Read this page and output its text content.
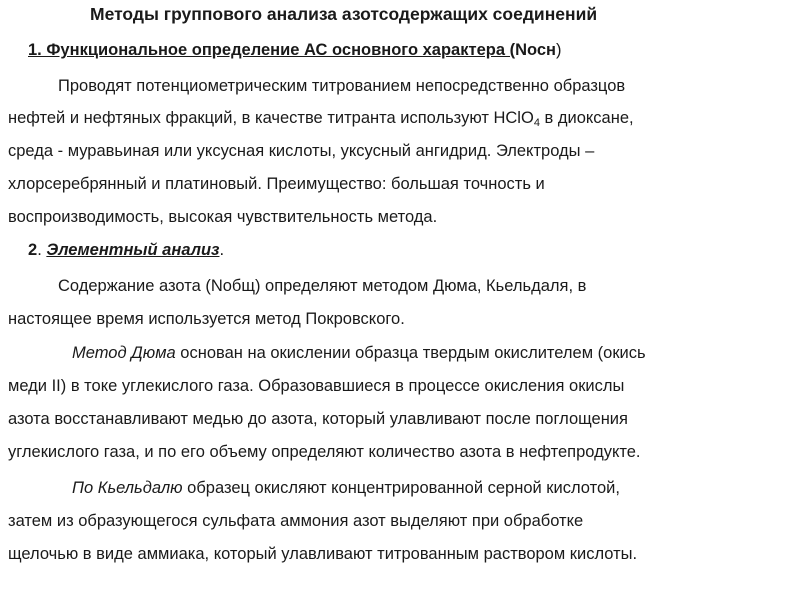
Методы группового анализа азотсодержащих соединений
1. Функциональное определение АС основного характера (Nосн)
Проводят потенциометрическим титрованием непосредственно образцов
нефтей и нефтяных фракций, в качестве титранта используют HClO$_4$ в диоксане,
среда - муравьиная или уксусная кислоты, уксусный ангидрид. Электроды –
хлорсеребрянный и платиновый. Преимущество: большая точность и
воспроизводимость, высокая чувствительность метода.
2. Элементный анализ.
Содержание азота (Nобщ) определяют методом Дюма, Кьельдаля, в
настоящее время используется метод Покровского.
Метод Дюма основан на окислении образца твердым окислителем (окись
меди II) в токе углекислого газа. Образовавшиеся в процессе окисления окислы
азота восстанавливают медью до азота, который улавливают после поглощения
углекислого газа, и по его объему определяют количество азота в нефтепродукте.
По Кьельдалю образец окисляют концентрированной серной кислотой,
затем из образующегося сульфата аммония азот выделяют при обработке
щелочью в виде аммиака, который улавливают титрованным раствором кислоты.
